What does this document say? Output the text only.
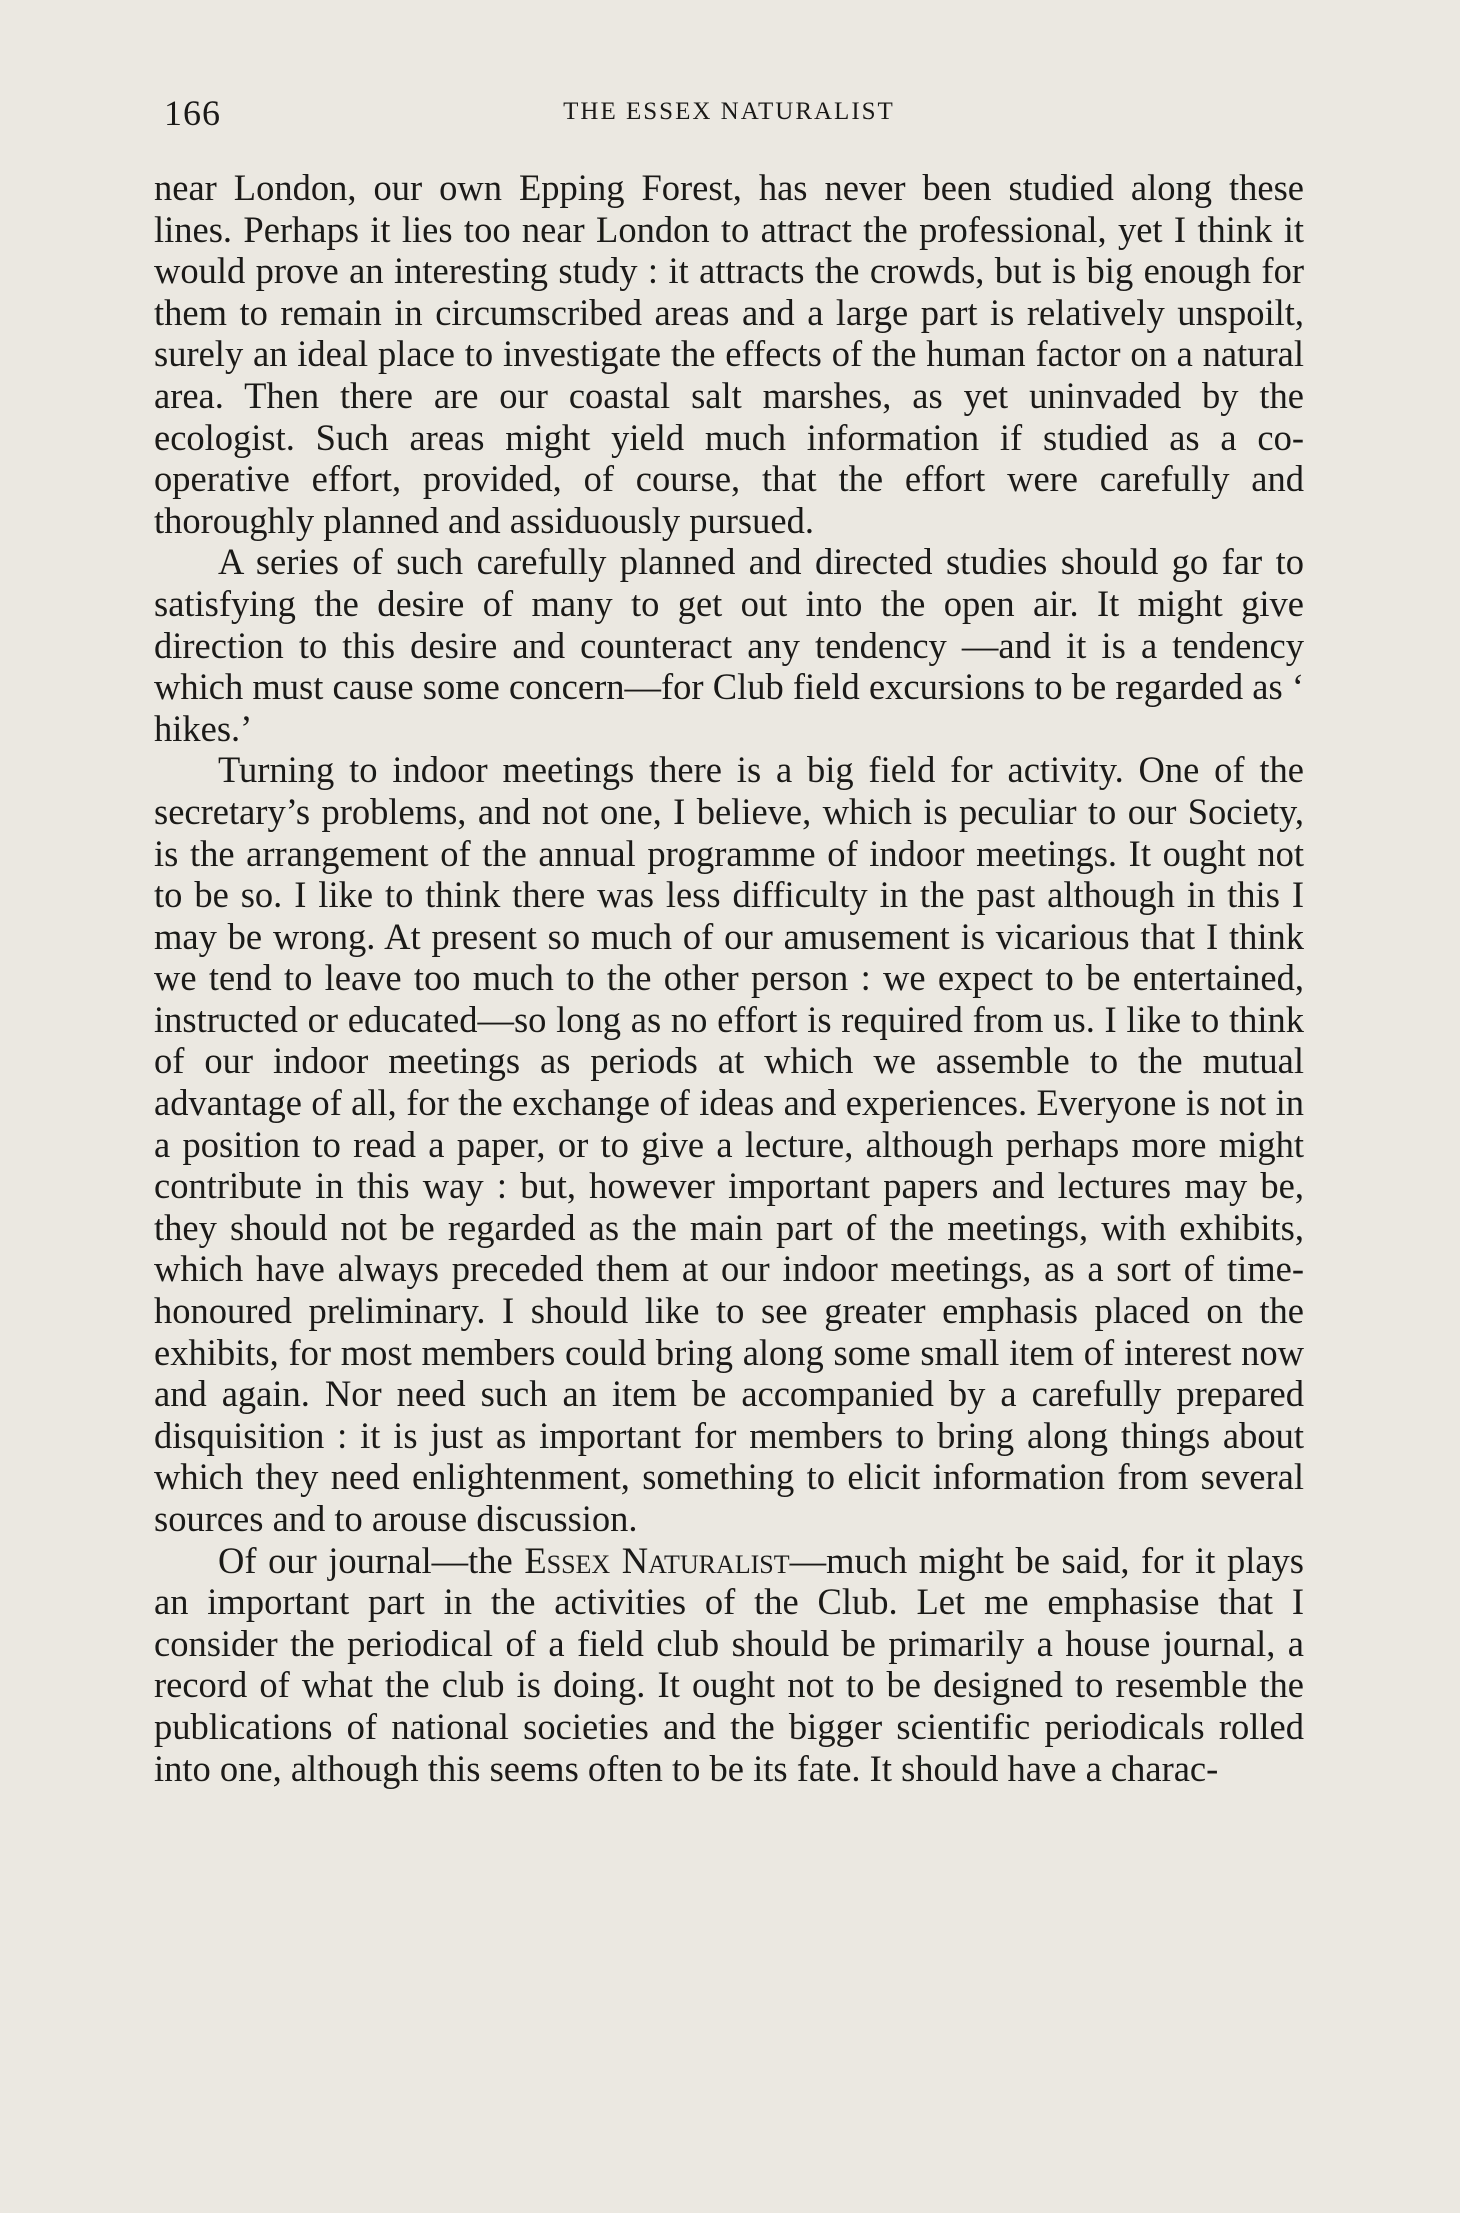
166	THE ESSEX NATURALIST

near London, our own Epping Forest, has never been studied along these lines. Perhaps it lies too near London to attract the professional, yet I think it would prove an interesting study : it attracts the crowds, but is big enough for them to remain in circumscribed areas and a large part is relatively unspoilt, surely an ideal place to investigate the effects of the human factor on a natural area. Then there are our coastal salt marshes, as yet uninvaded by the ecologist. Such areas might yield much information if studied as a co-operative effort, provided, of course, that the effort were carefully and thoroughly planned and assiduously pursued.

A series of such carefully planned and directed studies should go far to satisfying the desire of many to get out into the open air. It might give direction to this desire and counteract any tendency —and it is a tendency which must cause some concern—for Club field excursions to be regarded as ‘ hikes.’

Turning to indoor meetings there is a big field for activity. One of the secretary’s problems, and not one, I believe, which is peculiar to our Society, is the arrangement of the annual programme of indoor meetings. It ought not to be so. I like to think there was less difficulty in the past although in this I may be wrong. At present so much of our amusement is vicarious that I think we tend to leave too much to the other person : we expect to be entertained, instructed or educated—so long as no effort is required from us. I like to think of our indoor meetings as periods at which we assemble to the mutual advantage of all, for the exchange of ideas and experiences. Everyone is not in a position to read a paper, or to give a lecture, although perhaps more might contribute in this way : but, however important papers and lectures may be, they should not be regarded as the main part of the meetings, with exhibits, which have always preceded them at our indoor meetings, as a sort of time-honoured preliminary. I should like to see greater emphasis placed on the exhibits, for most members could bring along some small item of interest now and again. Nor need such an item be accompanied by a carefully prepared disquisition : it is just as important for members to bring along things about which they need enlightenment, something to elicit information from several sources and to arouse discussion.

Of our journal—the Essex Naturalist—much might be said, for it plays an important part in the activities of the Club. Let me emphasise that I consider the periodical of a field club should be primarily a house journal, a record of what the club is doing. It ought not to be designed to resemble the publications of national societies and the bigger scientific periodicals rolled into one, although this seems often to be its fate. It should have a charac-
